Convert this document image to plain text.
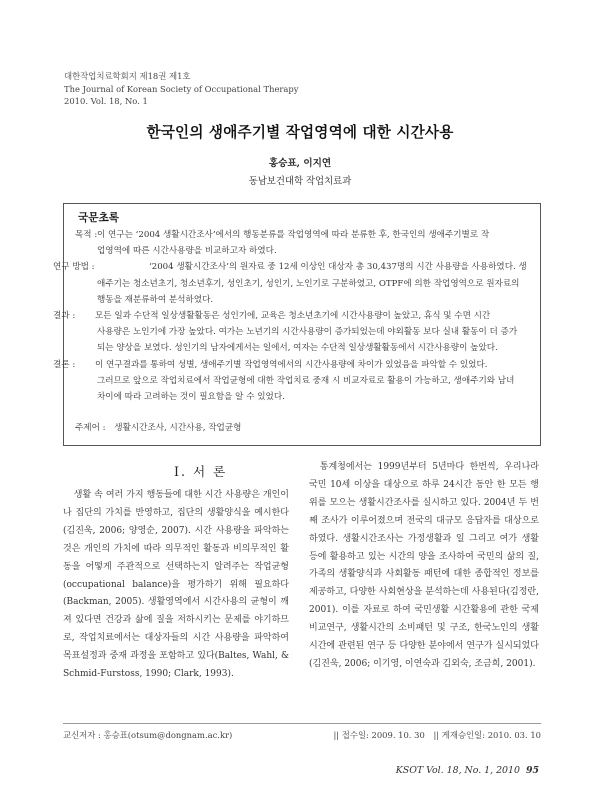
대한작업치료학회지 제18권 제1호
The Journal of Korean Society of Occupational Therapy
2010. Vol. 18, No. 1
한국인의 생애주기별 작업영역에 대한 시간사용
홍승표, 이지연
동남보건대학 작업치료과
국문초록
목적 : 이 연구는 ‘2004 생활시간조사’에서의 행동분류를 작업영역에 따라 분류한 후, 한국인의 생애주기별로 작
업영역에 따른 시간사용량을 비교하고자 하였다.
연구 방법 :	‘2004 생활시간조사’의 원자료 중 12세 이상인 대상자 총 30,437명의 시간 사용량을 사용하였다. 생
애주기는 청소년초기, 청소년후기, 성인초기, 성인기, 노인기로 구분하였고, OTPF에 의한 작업영역으로 원자료의
행동을 재분류하여 분석하였다.
결과 : 모든 일과 수단적 일상생활활동은 성인기에, 교육은 청소년초기에 시간사용량이 높았고, 휴식 및 수면 시간
사용량은 노인기에 가장 높았다. 여가는 노년기의 시간사용량이 증가되었는데 야외활동 보다 실내 활동이 더 증가
되는 양상을 보였다. 성인기의 남자에게서는 일에서, 여자는 수단적 일상생활활동에서 시간사용량이 높았다.
결론 : 이 연구결과를 통하여 성별, 생애주기별 작업영역에서의 시간사용량에 차이가 있었음을 파악할 수 있었다.
그러므로 앞으로 작업치료에서 작업균형에 대한 작업치료 중재 시 비교자료로 활용이 가능하고, 생애주기와 남녀
차이에 따라 고려하는 것이 필요함을 알 수 있었다.
주제어 : 생활시간조사, 시간사용, 작업균형
Ⅰ. 서 론

생활 속 여러 가지 행동들에 대한 시간 사용량은 개인이나 집단의 가치를 반영하고, 집단의 생활양식을 예시한다(김진욱, 2006; 양영순, 2007). 시간 사용량을 파악하는 것은 개인의 가치에 따라 의무적인 활동과 비의무적인 활동을 어떻게 주관적으로 선택하는지 알려주는 작업균형(occupational balance)을 평가하기 위해 필요하다(Backman, 2005). 생활영역에서 시간사용의 균형이 깨져 있다면 건강과 삶에 질을 저하시키는 문제를 야기하므로, 작업치료에서는 대상자들의 시간 사용량을 파악하여 목표설정과 중재 과정을 포함하고 있다(Baltes, Wahl, & Schmid-Furstoss, 1990; Clark, 1993).

통계청에서는 1999년부터 5년마다 한번씩, 우리나라 국민 10세 이상을 대상으로 하루 24시간 동안 한 모든 행위를 모으는 생활시간조사를 실시하고 있다. 2004년 두 번째 조사가 이루어졌으며 전국의 대규모 응답자를 대상으로 하였다. 생활시간조사는 가정생활과 일 그리고 여가 생활 등에 활용하고 있는 시간의 양을 조사하여 국민의 삶의 질, 가족의 생활양식과 사회활동 패턴에 대한 종합적인 정보를 제공하고, 다양한 사회현상을 분석하는데 사용된다(김정란, 2001). 이를 자료로 하여 국민생활 시간활용에 관한 국제비교연구, 생활시간의 소비패턴 및 구조, 한국노인의 생활시간에 관련된 연구 등 다양한 분야에서 연구가 실시되었다(김진욱, 2006; 이기영, 이연숙과 김외숙, 조금희, 2001).

교신저자 : 홍승표(otsum@dongnam.ac.kr)	|| 접수일: 2009. 10. 30 || 게재승인일: 2010. 03. 10
KSOT Vol. 18, No. 1, 2010 95
